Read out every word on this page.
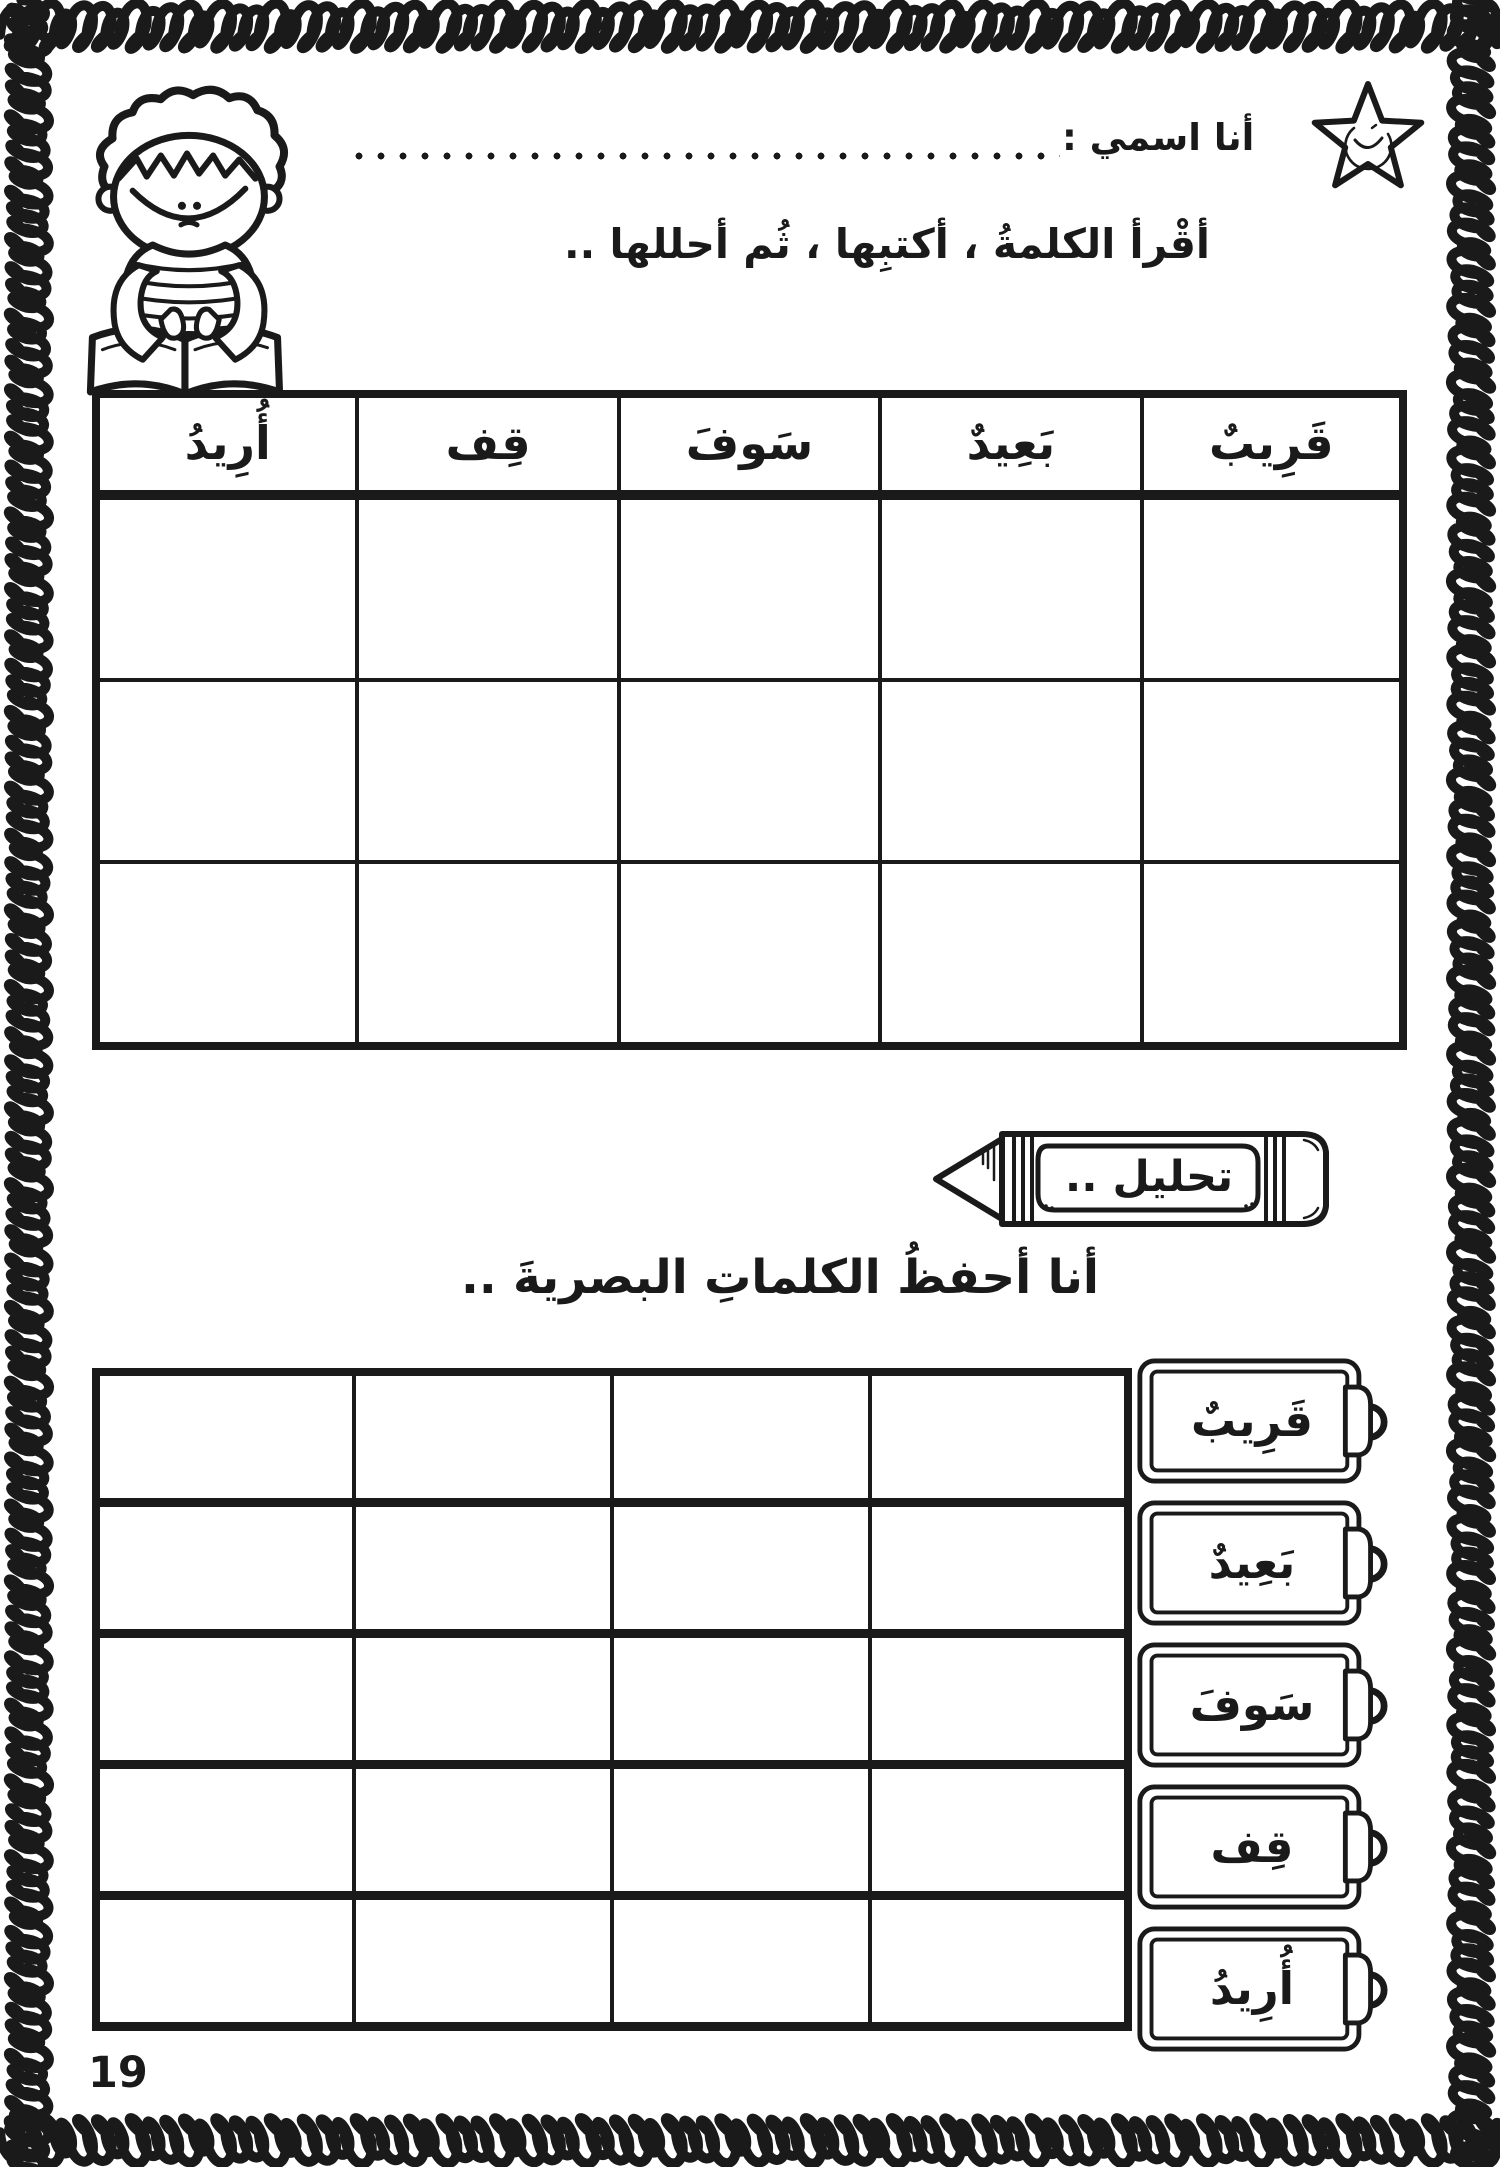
أنا اسمي :
أقْرأ الكلمةُ ، أكتبِها ، ثُم أحللها ..
قَرِيبٌ	بَعِيدٌ	سَوفَ	قِف	أُرِيدُ

تحليل ..
أنا أحفظُ الكلماتِ البصريةَ ..

قَرِيبٌ
بَعِيدٌ
سَوفَ
قِف
أُرِيدُ
19
